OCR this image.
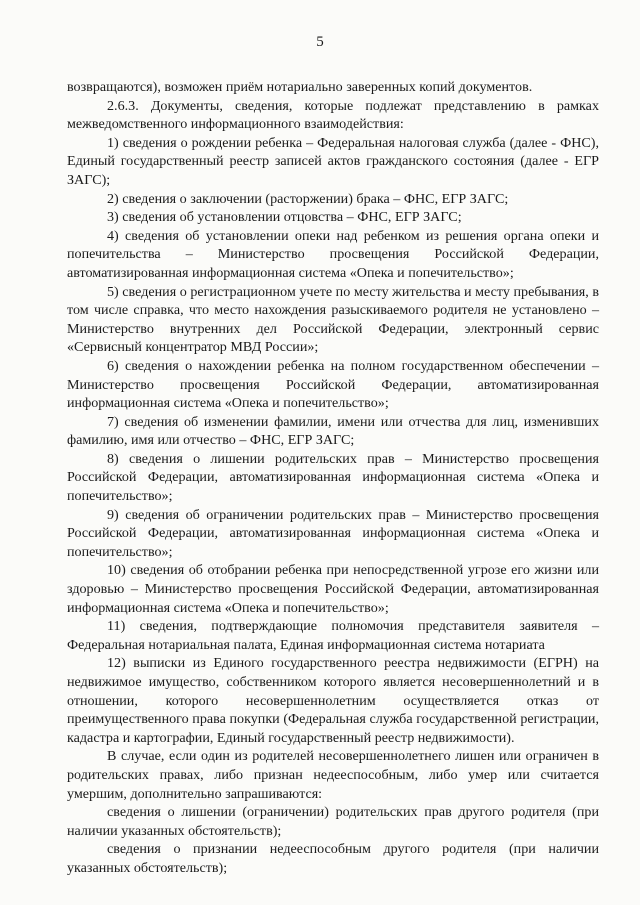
5

возвращаются), возможен приём нотариально заверенных копий документов.

2.6.3. Документы, сведения, которые подлежат представлению в рамках межведомственного информационного взаимодействия:

1) сведения о рождении ребенка – Федеральная налоговая служба (далее - ФНС), Единый государственный реестр записей актов гражданского состояния (далее - ЕГР ЗАГС);

2) сведения о заключении (расторжении) брака – ФНС, ЕГР ЗАГС;

3) сведения об установлении отцовства – ФНС, ЕГР ЗАГС;

4) сведения об установлении опеки над ребенком из решения органа опеки и попечительства – Министерство просвещения Российской Федерации, автоматизированная информационная система «Опека и попечительство»;

5) сведения о регистрационном учете по месту жительства и месту пребывания, в том числе справка, что место нахождения разыскиваемого родителя не установлено – Министерство внутренних дел Российской Федерации, электронный сервис «Сервисный концентратор МВД России»;

6) сведения о нахождении ребенка на полном государственном обеспечении – Министерство просвещения Российской Федерации, автоматизированная информационная система «Опека и попечительство»;

7) сведения об изменении фамилии, имени или отчества для лиц, изменивших фамилию, имя или отчество – ФНС, ЕГР ЗАГС;

8) сведения о лишении родительских прав – Министерство просвещения Российской Федерации, автоматизированная информационная система «Опека и попечительство»;

9) сведения об ограничении родительских прав – Министерство просвещения Российской Федерации, автоматизированная информационная система «Опека и попечительство»;

10) сведения об отобрании ребенка при непосредственной угрозе его жизни или здоровью – Министерство просвещения Российской Федерации, автоматизированная информационная система «Опека и попечительство»;

11) сведения, подтверждающие полномочия представителя заявителя – Федеральная нотариальная палата, Единая информационная система нотариата

12) выписки из Единого государственного реестра недвижимости (ЕГРН) на недвижимое имущество, собственником которого является несовершеннолетний и в отношении, которого несовершеннолетним осуществляется отказ от преимущественного права покупки (Федеральная служба государственной регистрации, кадастра и картографии, Единый государственный реестр недвижимости).

В случае, если один из родителей несовершеннолетнего лишен или ограничен в родительских правах, либо признан недееспособным, либо умер или считается умершим, дополнительно запрашиваются:

сведения о лишении (ограничении) родительских прав другого родителя (при наличии указанных обстоятельств);

сведения о признании недееспособным другого родителя (при наличии указанных обстоятельств);
